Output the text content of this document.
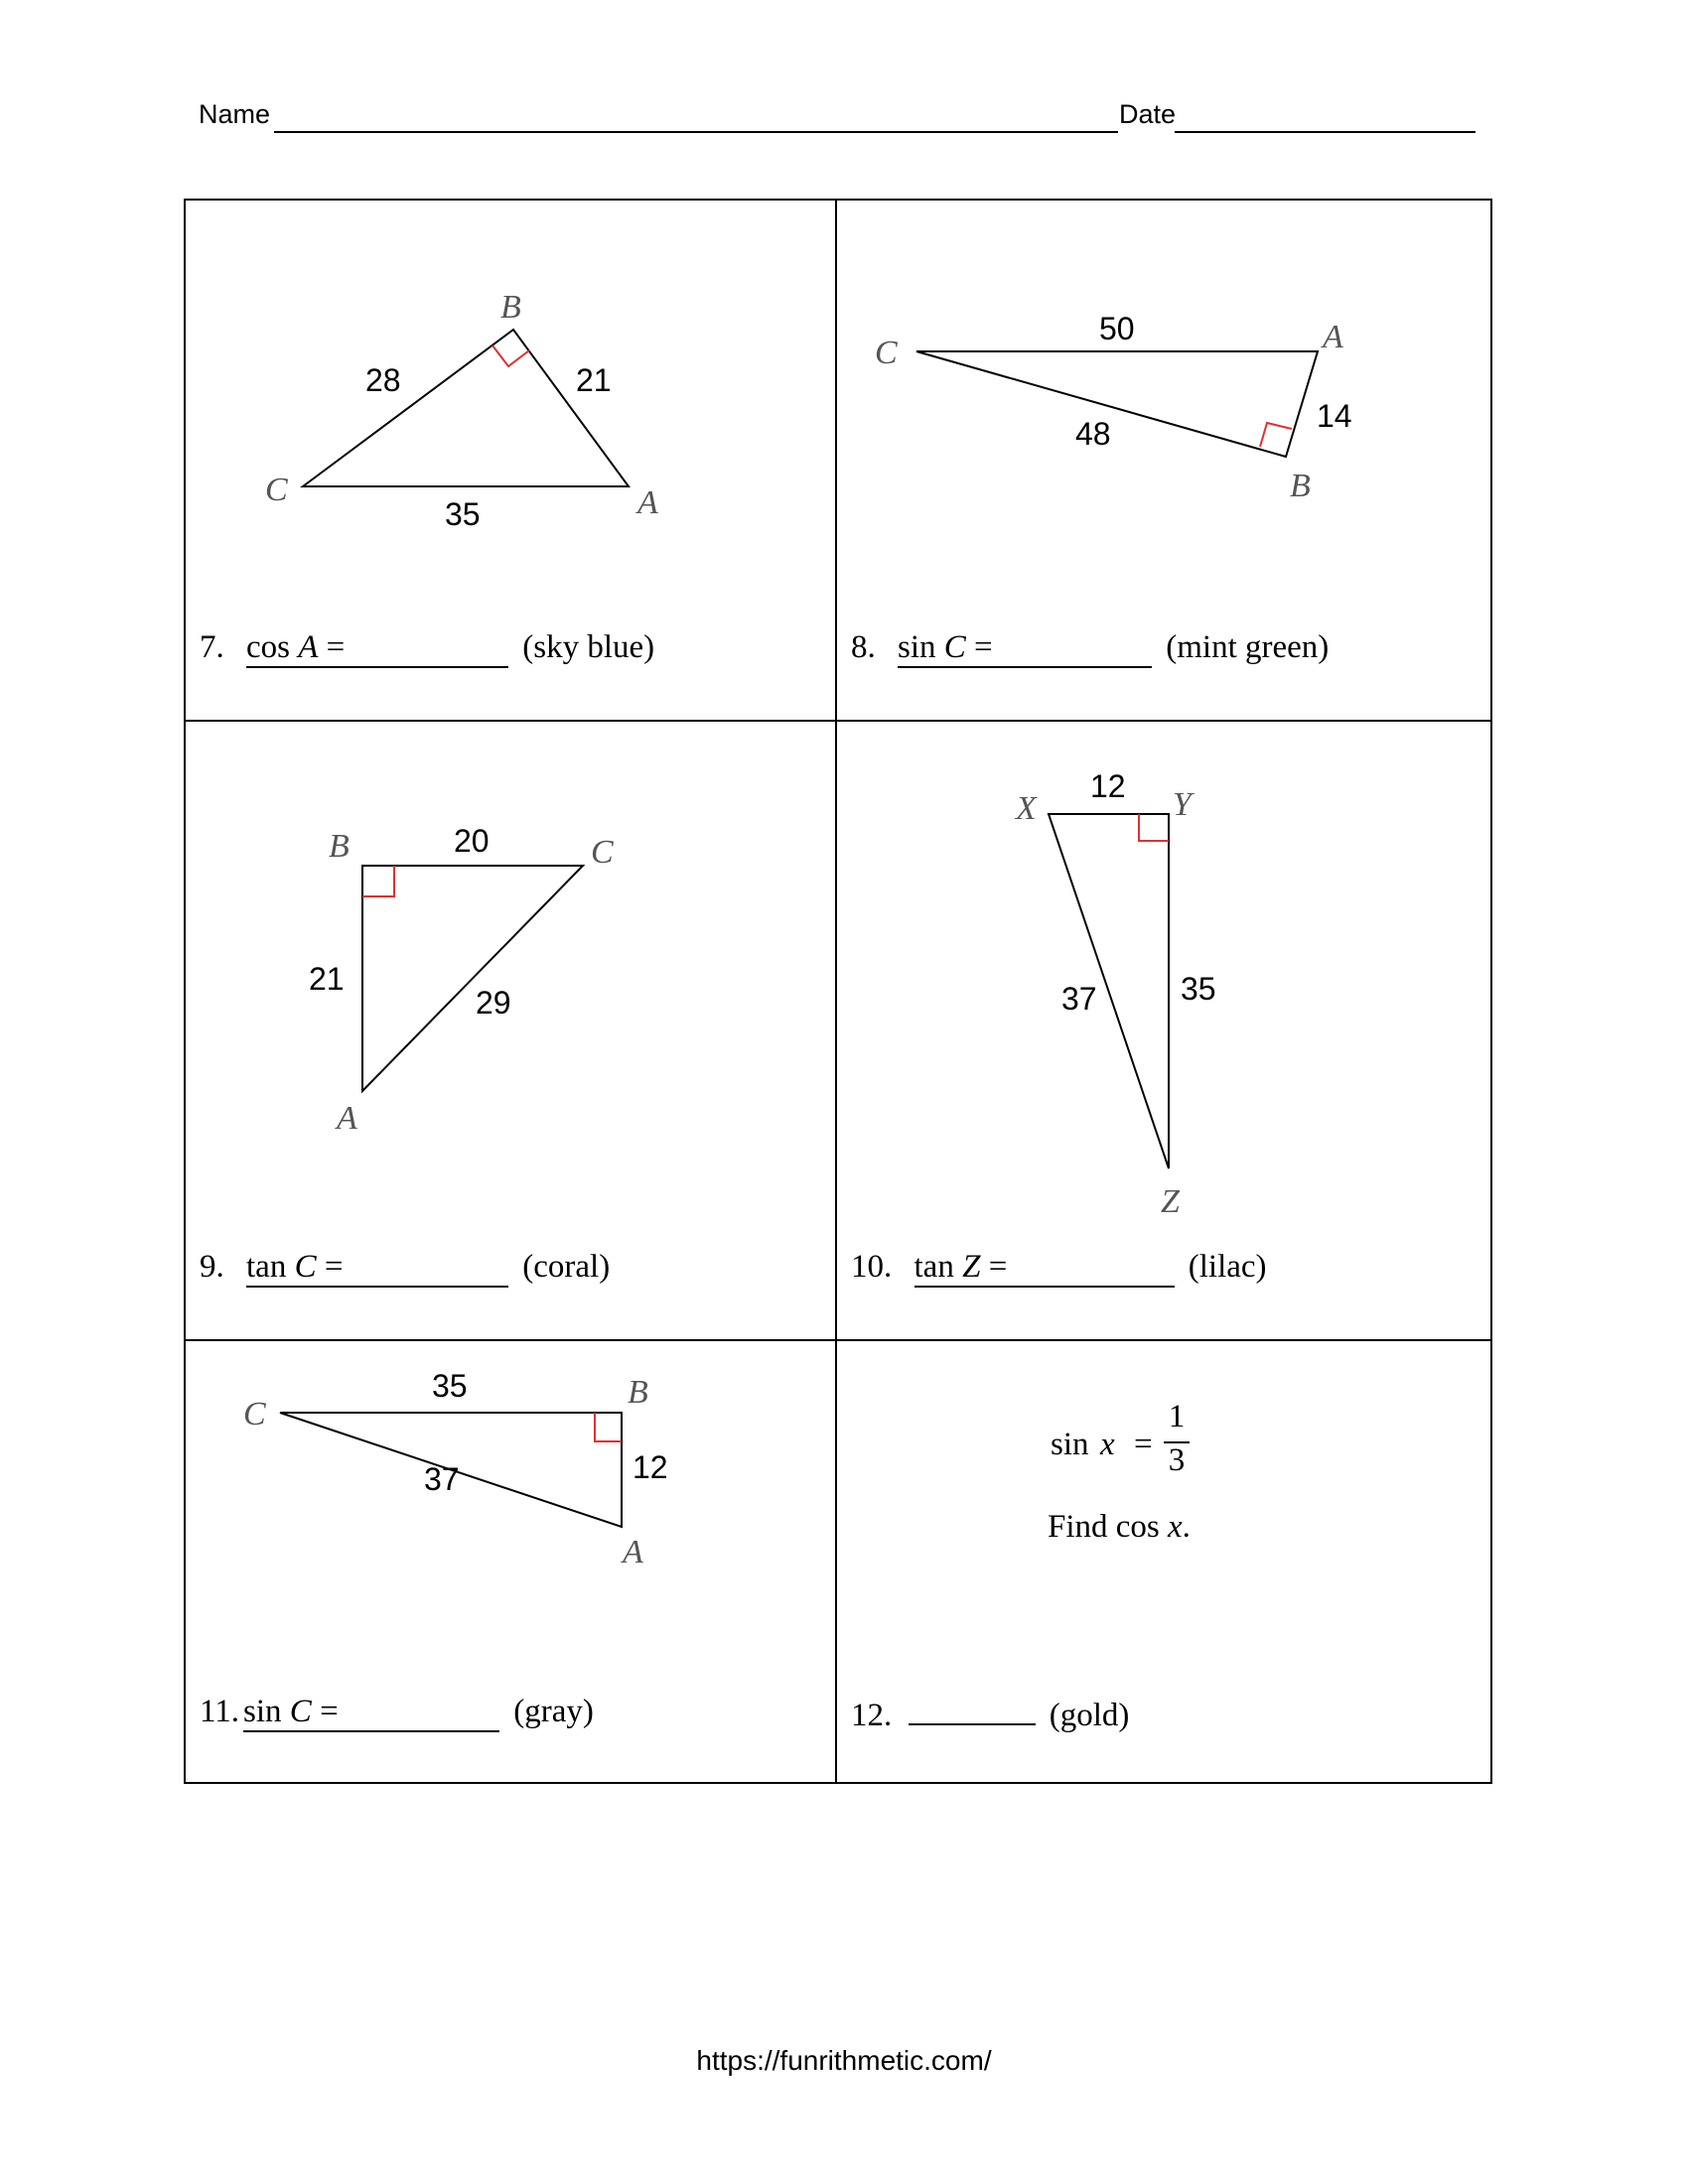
Name	Date
B
C	A
28	21
35
7. cos A =	(sky blue)
C	A
B
50
48	14
8. sin C =	(mint green)
B	C
A
20
21
29
9. tan C =	(coral)
X	Y
Z
12
37	35
10. tan Z =	(lilac)
C
B
A
35
37	12
11. sin C =	(gray)
sin x =
1
3
Find cos x.
12.	(gold)
https://funrithmetic.com/
